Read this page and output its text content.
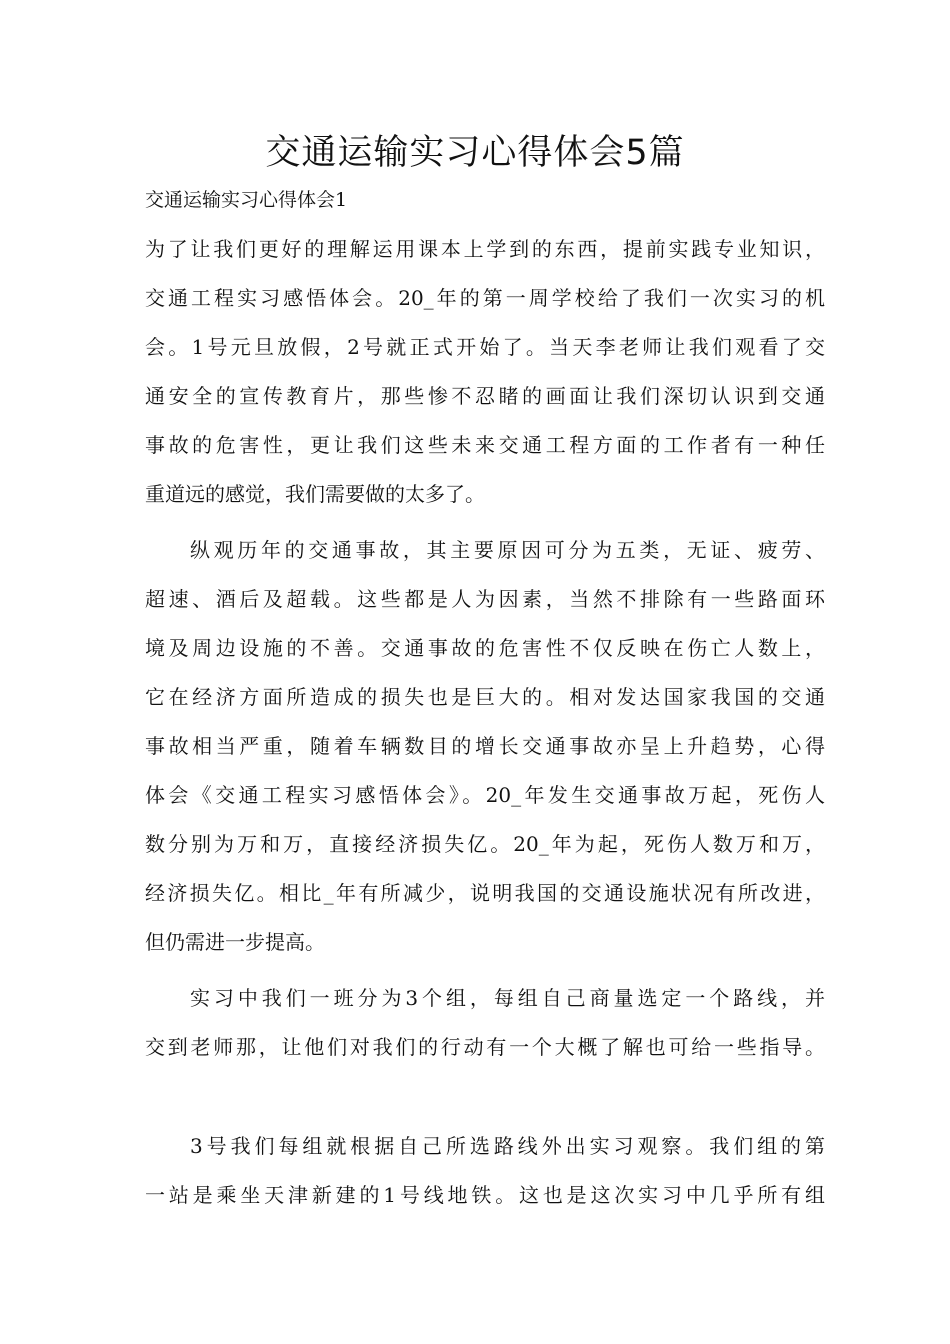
交通运输实习心得体会5篇
交通运输实习心得体会1
为了让我们更好的理解运用课本上学到的东西，提前实践专业知识，
交通工程实习感悟体会。20_年的第一周学校给了我们一次实习的机
会。1号元旦放假，2号就正式开始了。当天李老师让我们观看了交
通安全的宣传教育片，那些惨不忍睹的画面让我们深切认识到交通
事故的危害性，更让我们这些未来交通工程方面的工作者有一种任
重道远的感觉，我们需要做的太多了。
纵观历年的交通事故，其主要原因可分为五类，无证、疲劳、
超速、酒后及超载。这些都是人为因素，当然不排除有一些路面环
境及周边设施的不善。交通事故的危害性不仅反映在伤亡人数上，
它在经济方面所造成的损失也是巨大的。相对发达国家我国的交通
事故相当严重，随着车辆数目的增长交通事故亦呈上升趋势，心得
体会《交通工程实习感悟体会》。20_年发生交通事故万起，死伤人
数分别为万和万，直接经济损失亿。20_年为起，死伤人数万和万，
经济损失亿。相比_年有所减少，说明我国的交通设施状况有所改进，
但仍需进一步提高。
实习中我们一班分为3个组，每组自己商量选定一个路线，并
交到老师那，让他们对我们的行动有一个大概了解也可给一些指导。
3号我们每组就根据自己所选路线外出实习观察。我们组的第
一站是乘坐天津新建的1号线地铁。这也是这次实习中几乎所有组
